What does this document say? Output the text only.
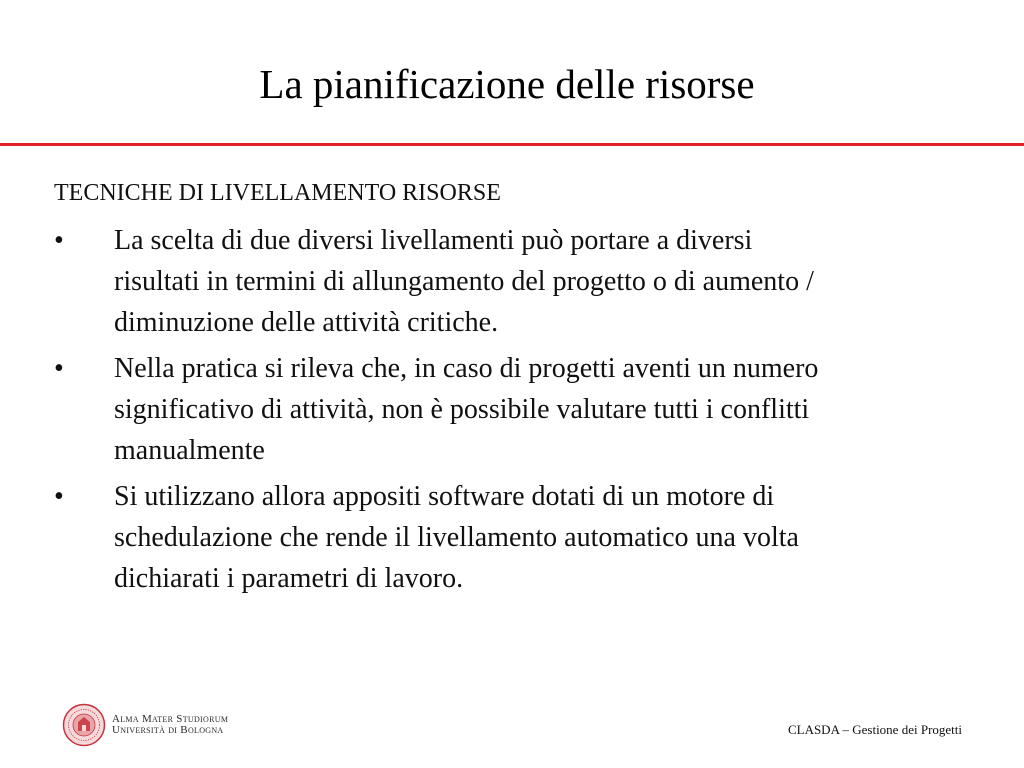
La pianificazione delle risorse
TECNICHE DI LIVELLAMENTO RISORSE
•	La scelta di due diversi livellamenti può portare a diversi
risultati in termini di allungamento del progetto o di aumento /
diminuzione delle attività critiche.
•	Nella pratica si rileva che, in caso di progetti aventi un numero
significativo di attività, non è possibile valutare tutti i conflitti
manualmente
•	Si utilizzano allora appositi software dotati di un motore di
schedulazione che rende il livellamento automatico una volta
dichiarati i parametri di lavoro.
Alma Mater Studiorum
Università di Bologna	CLASDA – Gestione dei Progetti
